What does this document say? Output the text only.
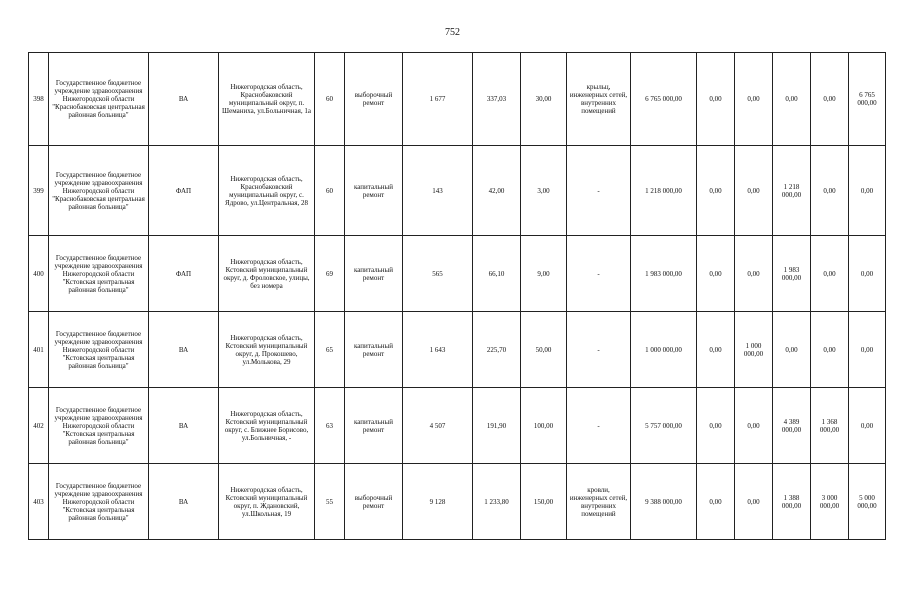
752
398	Государственное бюджетное учреждение здравоохранения Нижегородской области "Краснобаковская центральная районная больница"	ВА	Нижегородская область, Краснобаковский муниципальный округ, п. Шеманиха, ул.Больничная, 1а	60	выборочный ремонт	1 677	337,03	30,00	крыльц, инженерных сетей, внутренних помещений	6 765 000,00	0,00	0,00	0,00	0,00	6 765 000,00
399	Государственное бюджетное учреждение здравоохранения Нижегородской области "Краснобаковская центральная районная больница"	ФАП	Нижегородская область, Краснобаковский муниципальный округ, с. Ядрово, ул.Центральная, 28	60	капитальный ремонт	143	42,00	3,00	-	1 218 000,00	0,00	0,00	1 218 000,00	0,00	0,00
400	Государственное бюджетное учреждение здравоохранения Нижегородской области "Кстовская центральная районная больница"	ФАП	Нижегородская область, Кстовский муниципальный округ, д. Фроловское, улицы, без номера	69	капитальный ремонт	565	66,10	9,00	-	1 983 000,00	0,00	0,00	1 983 000,00	0,00	0,00
401	Государственное бюджетное учреждение здравоохранения Нижегородской области "Кстовская центральная районная больница"	ВА	Нижегородская область, Кстовский муниципальный округ, д. Прокошево, ул.Молькова, 29	65	капитальный ремонт	1 643	225,70	50,00	-	1 000 000,00	0,00	1 000 000,00	0,00	0,00	0,00
402	Государственное бюджетное учреждение здравоохранения Нижегородской области "Кстовская центральная районная больница"	ВА	Нижегородская область, Кстовский муниципальный округ, с. Ближнее Борисово, ул.Больничная, -	63	капитальный ремонт	4 507	191,90	100,00	-	5 757 000,00	0,00	0,00	4 389 000,00	1 368 000,00	0,00
403	Государственное бюджетное учреждение здравоохранения Нижегородской области "Кстовская центральная районная больница"	ВА	Нижегородская область, Кстовский муниципальный округ, п. Ждановский, ул.Школьная, 19	55	выборочный ремонт	9 128	1 233,80	150,00	кровли, инженерных сетей, внутренних помещений	9 388 000,00	0,00	0,00	1 388 000,00	3 000 000,00	5 000 000,00
